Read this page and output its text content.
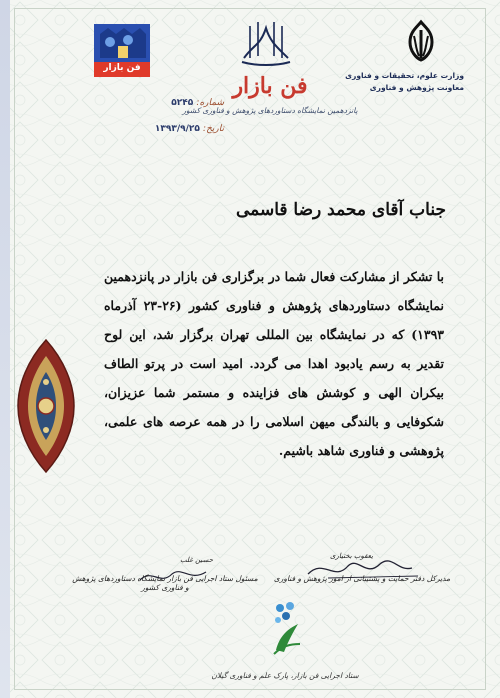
وزارت علوم، تحقیقات و فناوری
معاونت پژوهش و فناوری
فن بازار
فن بازار
پانزدهمین نمایشگاه دستاوردهای پژوهش و فناوری کشور
شماره: ۵۲۴۵
تاریخ: ۱۳۹۳/۹/۲۵
جناب آقای محمد رضا قاسمی
با تشکر از مشارکت فعال شما در برگزاری فن بازار در پانزدهمین نمایشگاه دستاوردهای پژوهش و فناوری کشور (۲۶-۲۳ آذرماه ۱۳۹۳) که در نمایشگاه بین المللی تهران برگزار شد، این لوح تقدیر به رسم یادبود اهدا می گردد. امید است در پرتو الطاف بیکران الهی و کوشش های فزاینده و مستمر شما عزیزان، شکوفایی و بالندگی میهن اسلامی را در همه عرصه های علمی، پژوهشی و فناوری شاهد باشیم.
یعقوب بختیاری
مدیرکل دفتر حمایت و پشتیبانی از امور پژوهش و فناوری
حسین غلب
مسئول ستاد اجرایی فن بازار نمایشگاه دستاوردهای پژوهش و فناوری کشور
ستاد اجرایی فن بازار، پارک علم و فناوری گیلان
